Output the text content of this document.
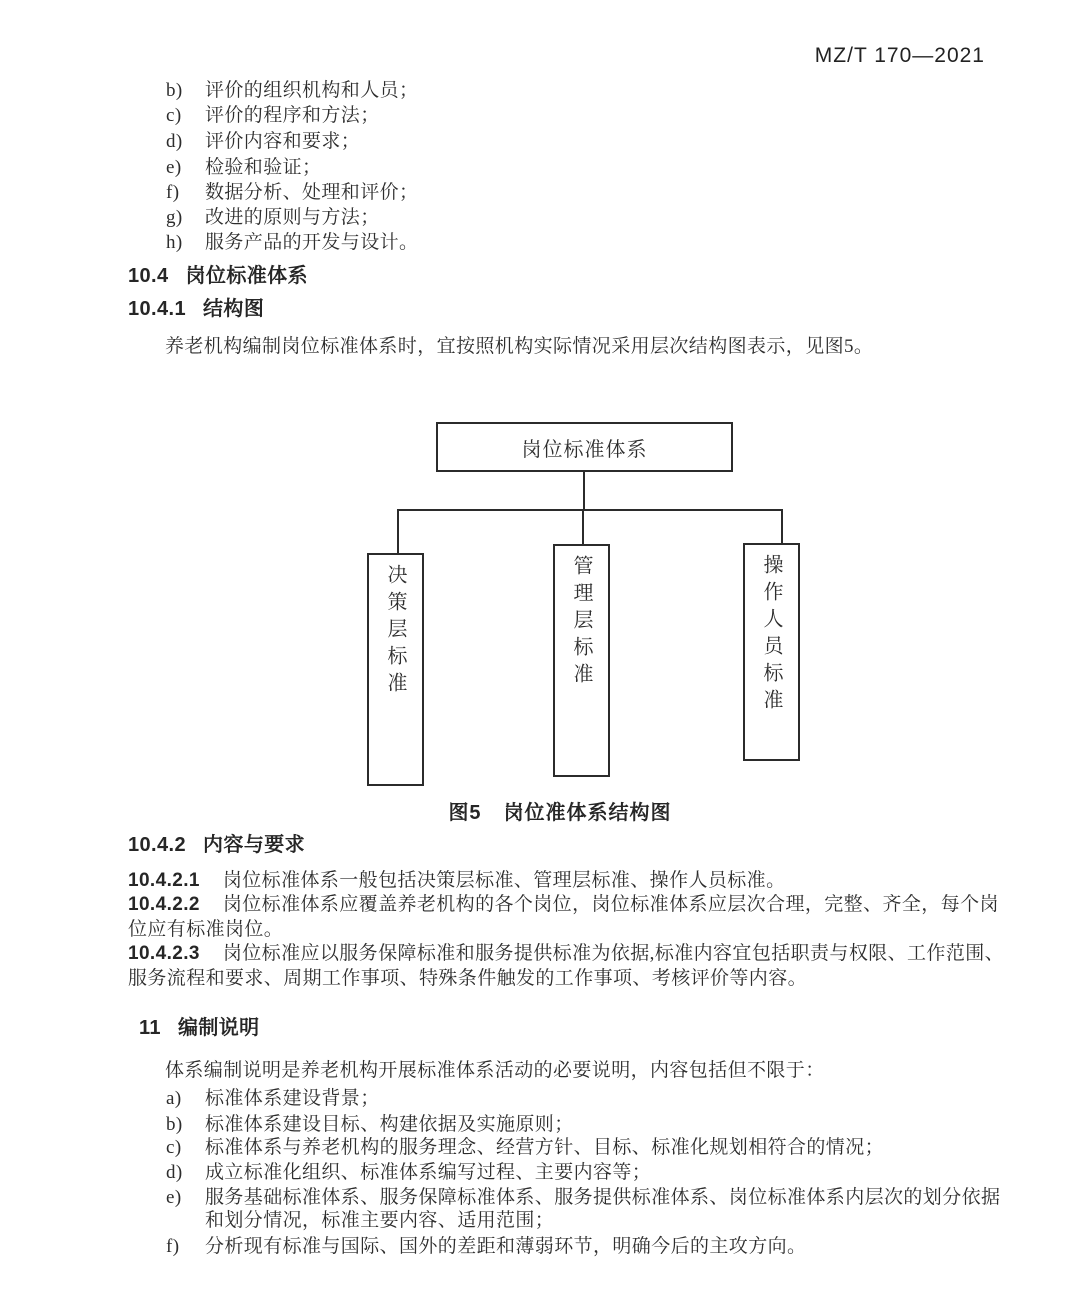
MZ/T 170—2021
b) 评价的组织机构和人员；
c) 评价的程序和方法；
d) 评价内容和要求；
e) 检验和验证；
f) 数据分析、处理和评价；
g) 改进的原则与方法；
h) 服务产品的开发与设计。
10.4 岗位标准体系
10.4.1 结构图
养老机构编制岗位标准体系时，宜按照机构实际情况采用层次结构图表示，见图5。
岗位标准体系
决策层标准	管理层标准	操作人员标准
图5 岗位准体系结构图
10.4.2 内容与要求
10.4.2.1 岗位标准体系一般包括决策层标准、管理层标准、操作人员标准。
10.4.2.2 岗位标准体系应覆盖养老机构的各个岗位，岗位标准体系应层次合理，完整、齐全，每个岗
位应有标准岗位。
10.4.2.3 岗位标准应以服务保障标准和服务提供标准为依据,标准内容宜包括职责与权限、工作范围、
服务流程和要求、周期工作事项、特殊条件触发的工作事项、考核评价等内容。
11 编制说明
体系编制说明是养老机构开展标准体系活动的必要说明，内容包括但不限于：
a) 标准体系建设背景；
b) 标准体系建设目标、构建依据及实施原则；
c) 标准体系与养老机构的服务理念、经营方针、目标、标准化规划相符合的情况；
d) 成立标准化组织、标准体系编写过程、主要内容等；
e) 服务基础标准体系、服务保障标准体系、服务提供标准体系、岗位标准体系内层次的划分依据
和划分情况，标准主要内容、适用范围；
f) 分析现有标准与国际、国外的差距和薄弱环节，明确今后的主攻方向。
